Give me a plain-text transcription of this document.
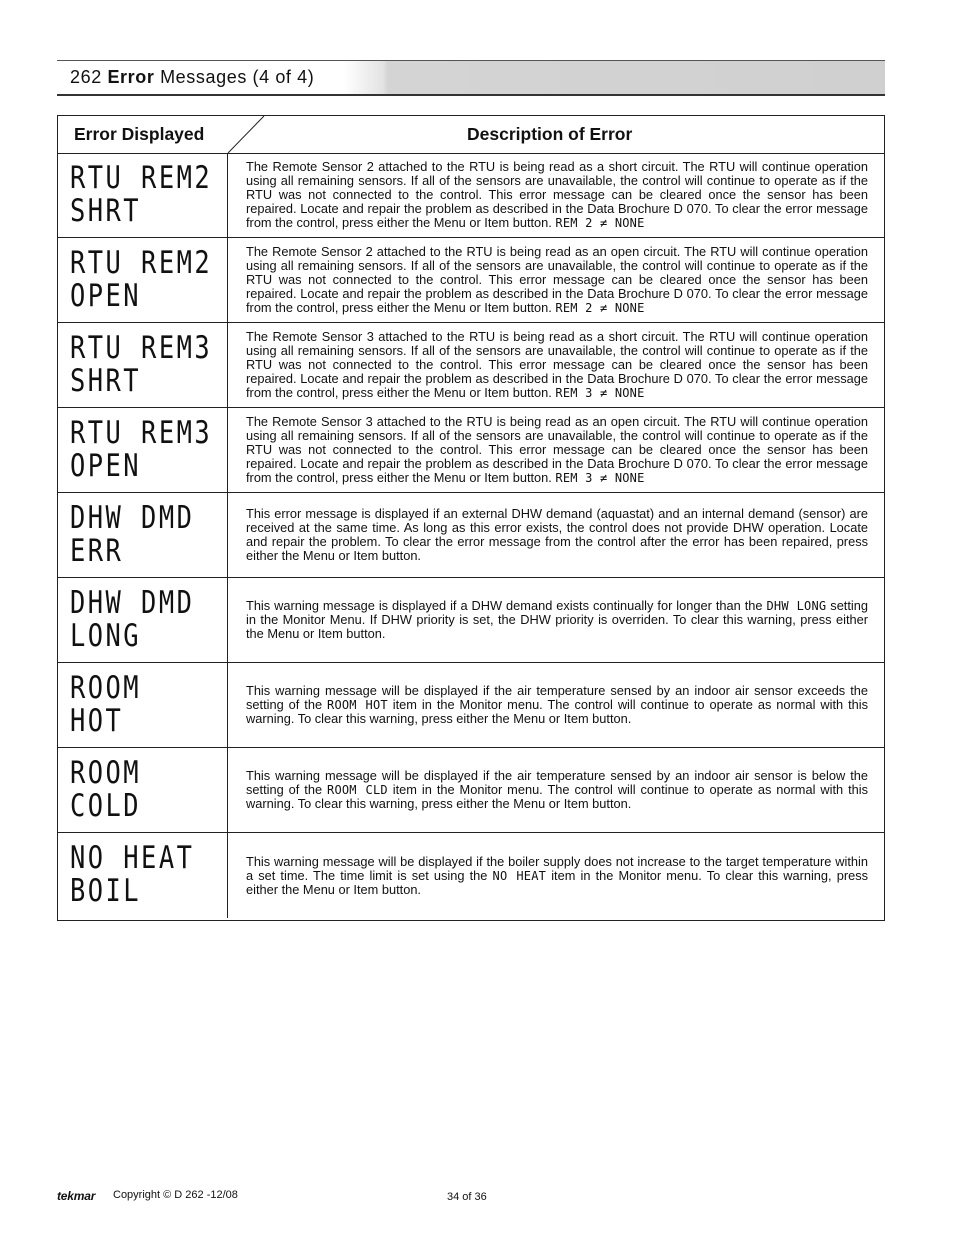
262 Error Messages (4 of 4)
Error Displayed	Description of Error
RTU REM2
SHRT
The Remote Sensor 2 attached to the RTU is being read as a short circuit. The RTU will continue operation using all remaining sensors. If all of the sensors are unavailable, the control will continue to operate as if the RTU was not connected to the control. This error message can be cleared once the sensor has been repaired. Locate and repair the problem as described in the Data Brochure D 070. To clear the error message from the control, press either the Menu or Item button. REM 2 ≠ NONE
RTU REM2
OPEN
The Remote Sensor 2 attached to the RTU is being read as an open circuit. The RTU will continue operation using all remaining sensors. If all of the sensors are unavailable, the control will continue to operate as if the RTU was not connected to the control. This error message can be cleared once the sensor has been repaired. Locate and repair the problem as described in the Data Brochure D 070. To clear the error message from the control, press either the Menu or Item button. REM 2 ≠ NONE
RTU REM3
SHRT
The Remote Sensor 3 attached to the RTU is being read as a short circuit. The RTU will continue operation using all remaining sensors. If all of the sensors are unavailable, the control will continue to operate as if the RTU was not connected to the control. This error message can be cleared once the sensor has been repaired. Locate and repair the problem as described in the Data Brochure D 070. To clear the error message from the control, press either the Menu or Item button. REM 3 ≠ NONE
RTU REM3
OPEN
The Remote Sensor 3 attached to the RTU is being read as an open circuit. The RTU will continue operation using all remaining sensors. If all of the sensors are unavailable, the control will continue to operate as if the RTU was not connected to the control. This error message can be cleared once the sensor has been repaired. Locate and repair the problem as described in the Data Brochure D 070. To clear the error message from the control, press either the Menu or Item button. REM 3 ≠ NONE
DHW DMD
ERR
This error message is displayed if an external DHW demand (aquastat) and an internal demand (sensor) are received at the same time. As long as this error exists, the control does not provide DHW operation. Locate and repair the problem. To clear the error message from the control after the error has been repaired, press either the Menu or Item button.
DHW DMD
LONG
This warning message is displayed if a DHW demand exists continually for longer than the DHW LONG setting in the Monitor Menu. If DHW priority is set, the DHW priority is overriden. To clear this warning, press either the Menu or Item button.
ROOM
HOT
This warning message will be displayed if the air temperature sensed by an indoor air sensor exceeds the setting of the ROOM HOT item in the Monitor menu. The control will continue to operate as normal with this warning. To clear this warning, press either the Menu or Item button.
ROOM
COLD
This warning message will be displayed if the air temperature sensed by an indoor air sensor is below the setting of the ROOM CLD item in the Monitor menu. The control will continue to operate as normal with this warning. To clear this warning, press either the Menu or Item button.
NO HEAT
BOIL
This warning message will be displayed if the boiler supply does not increase to the target temperature within a set time. The time limit is set using the NO HEAT item in the Monitor menu. To clear this warning, press either the Menu or Item button.
tekmar Copyright © D 262 -12/08	34 of 36
